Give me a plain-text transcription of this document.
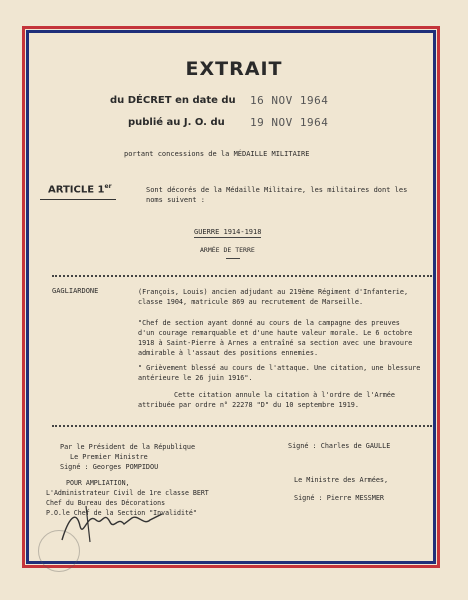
EXTRAIT
du DÉCRET en date du 16 NOV 1964
publié au J. O. du 19 NOV 1964
portant concessions de la MÉDAILLE MILITAIRE
ARTICLE 1er	Sont décorés de la Médaille Militaire, les militaires dont les
noms suivent :
GUERRE 1914-1918
ARMÉE DE TERRE
GAGLIARDONE	(François, Louis) ancien adjudant au 219ème Régiment d'Infanterie,
classe 1904, matricule 869 au recrutement de Marseille.
"Chef de section ayant donné au cours de la campagne des preuves
d'un courage remarquable et d'une haute valeur morale. Le 6 octobre
1918 à Saint-Pierre à Arnes a entraîné sa section avec une bravoure
admirable à l'assaut des positions ennemies.
" Grièvement blessé au cours de l'attaque. Une citation, une blessure
antérieure le 26 juin 1916".
Cette citation annule la citation à l'ordre de l'Armée
attribuée par ordre n° 22278 "D" du 10 septembre 1919.
Par le Président de la République
Le Premier Ministre
Signé : Georges POMPIDOU
Signé : Charles de GAULLE
Le Ministre des Armées,
Signé : Pierre MESSMER
POUR AMPLIATION,
L'Administrateur Civil de 1re classe BERT
Chef du Bureau des Décorations
P.O.le Chef de la Section "Invalidité"
